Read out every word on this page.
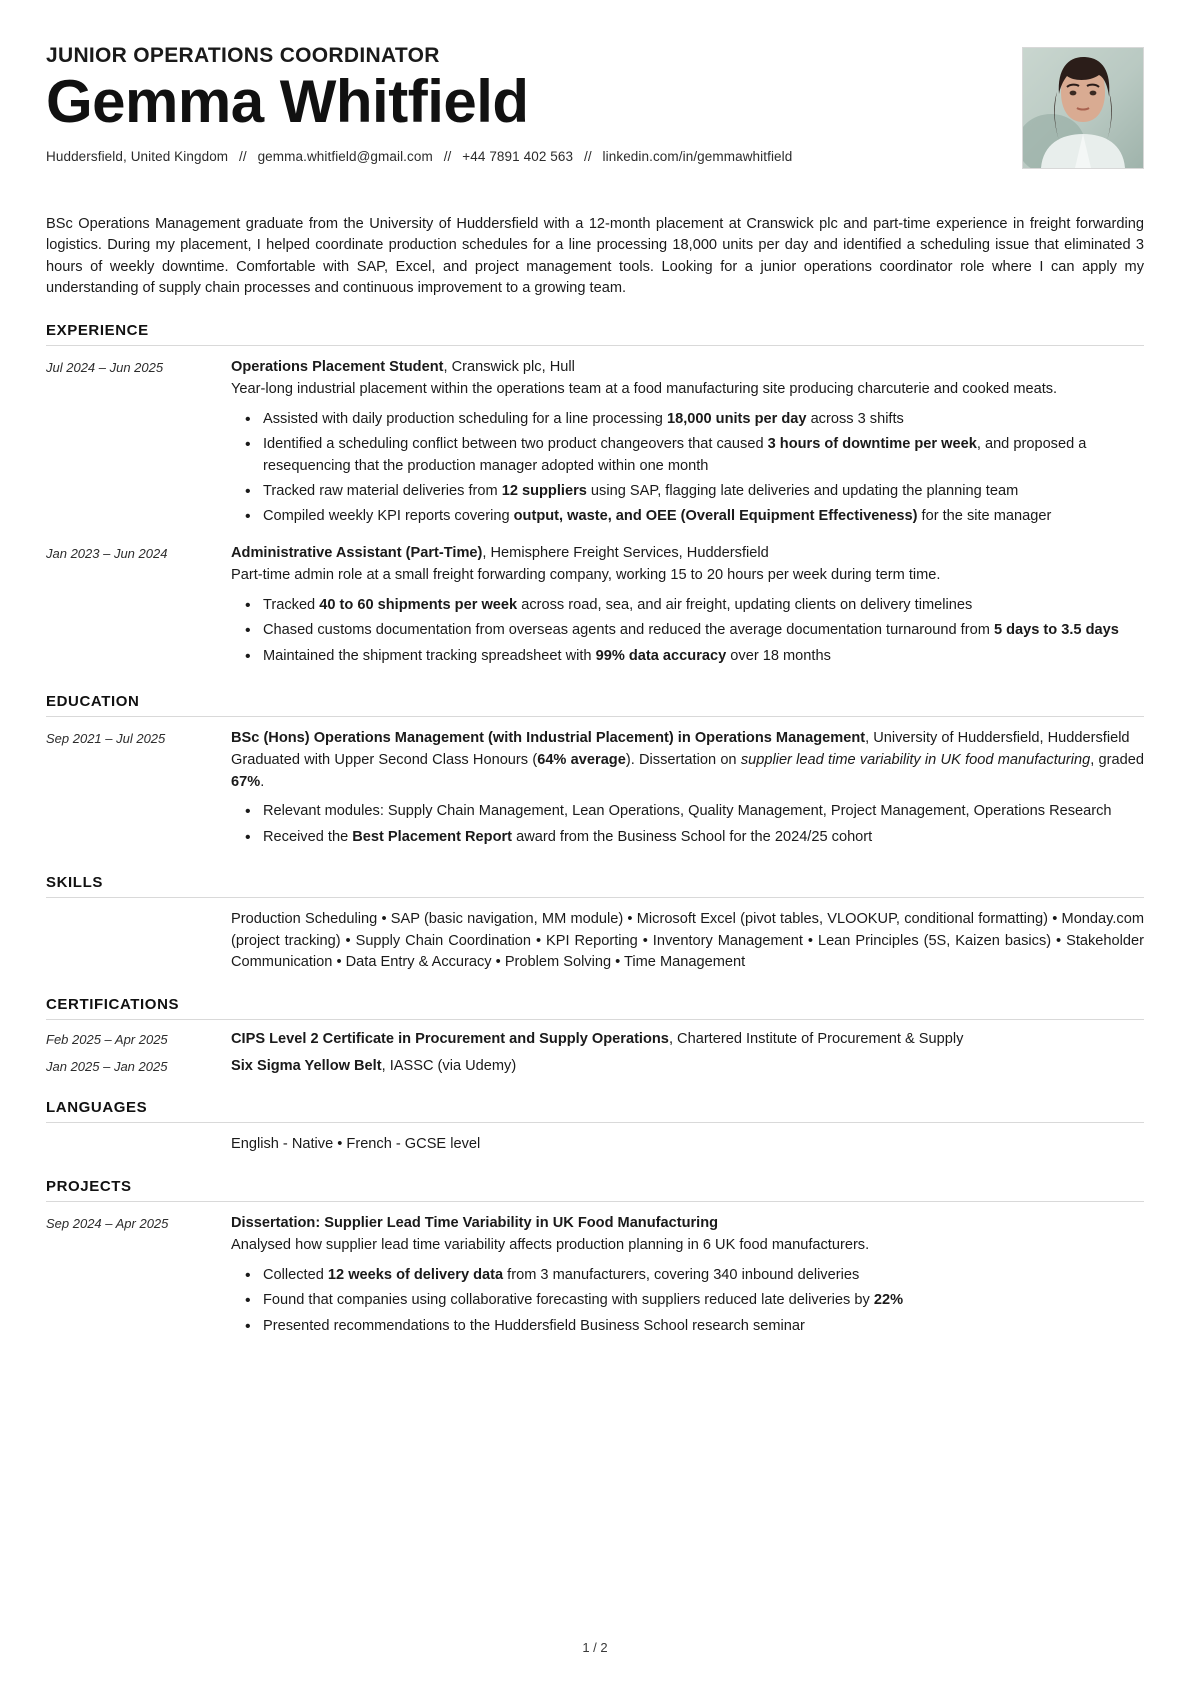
JUNIOR OPERATIONS COORDINATOR
Gemma Whitfield
Huddersfield, United Kingdom // gemma.whitfield@gmail.com // +44 7891 402 563 // linkedin.com/in/gemmawhitfield
BSc Operations Management graduate from the University of Huddersfield with a 12-month placement at Cranswick plc and part-time experience in freight forwarding logistics. During my placement, I helped coordinate production schedules for a line processing 18,000 units per day and identified a scheduling issue that eliminated 3 hours of weekly downtime. Comfortable with SAP, Excel, and project management tools. Looking for a junior operations coordinator role where I can apply my understanding of supply chain processes and continuous improvement to a growing team.
EXPERIENCE
Jul 2024 – Jun 2025	Operations Placement Student, Cranswick plc, Hull
Year-long industrial placement within the operations team at a food manufacturing site producing charcuterie and cooked meats.
• Assisted with daily production scheduling for a line processing 18,000 units per day across 3 shifts
• Identified a scheduling conflict between two product changeovers that caused 3 hours of downtime per week, and proposed a resequencing that the production manager adopted within one month
• Tracked raw material deliveries from 12 suppliers using SAP, flagging late deliveries and updating the planning team
• Compiled weekly KPI reports covering output, waste, and OEE (Overall Equipment Effectiveness) for the site manager
Jan 2023 – Jun 2024	Administrative Assistant (Part-Time), Hemisphere Freight Services, Huddersfield
Part-time admin role at a small freight forwarding company, working 15 to 20 hours per week during term time.
• Tracked 40 to 60 shipments per week across road, sea, and air freight, updating clients on delivery timelines
• Chased customs documentation from overseas agents and reduced the average documentation turnaround from 5 days to 3.5 days
• Maintained the shipment tracking spreadsheet with 99% data accuracy over 18 months
EDUCATION
Sep 2021 – Jul 2025	BSc (Hons) Operations Management (with Industrial Placement) in Operations Management, University of Huddersfield, Huddersfield
Graduated with Upper Second Class Honours (64% average). Dissertation on supplier lead time variability in UK food manufacturing, graded 67%.
• Relevant modules: Supply Chain Management, Lean Operations, Quality Management, Project Management, Operations Research
• Received the Best Placement Report award from the Business School for the 2024/25 cohort
SKILLS
Production Scheduling • SAP (basic navigation, MM module) • Microsoft Excel (pivot tables, VLOOKUP, conditional formatting) • Monday.com (project tracking) • Supply Chain Coordination • KPI Reporting • Inventory Management • Lean Principles (5S, Kaizen basics) • Stakeholder Communication • Data Entry & Accuracy • Problem Solving • Time Management
CERTIFICATIONS
Feb 2025 – Apr 2025	CIPS Level 2 Certificate in Procurement and Supply Operations, Chartered Institute of Procurement & Supply
Jan 2025 – Jan 2025	Six Sigma Yellow Belt, IASSC (via Udemy)
LANGUAGES
English - Native • French - GCSE level
PROJECTS
Sep 2024 – Apr 2025	Dissertation: Supplier Lead Time Variability in UK Food Manufacturing
Analysed how supplier lead time variability affects production planning in 6 UK food manufacturers.
• Collected 12 weeks of delivery data from 3 manufacturers, covering 340 inbound deliveries
• Found that companies using collaborative forecasting with suppliers reduced late deliveries by 22%
• Presented recommendations to the Huddersfield Business School research seminar
1 / 2
